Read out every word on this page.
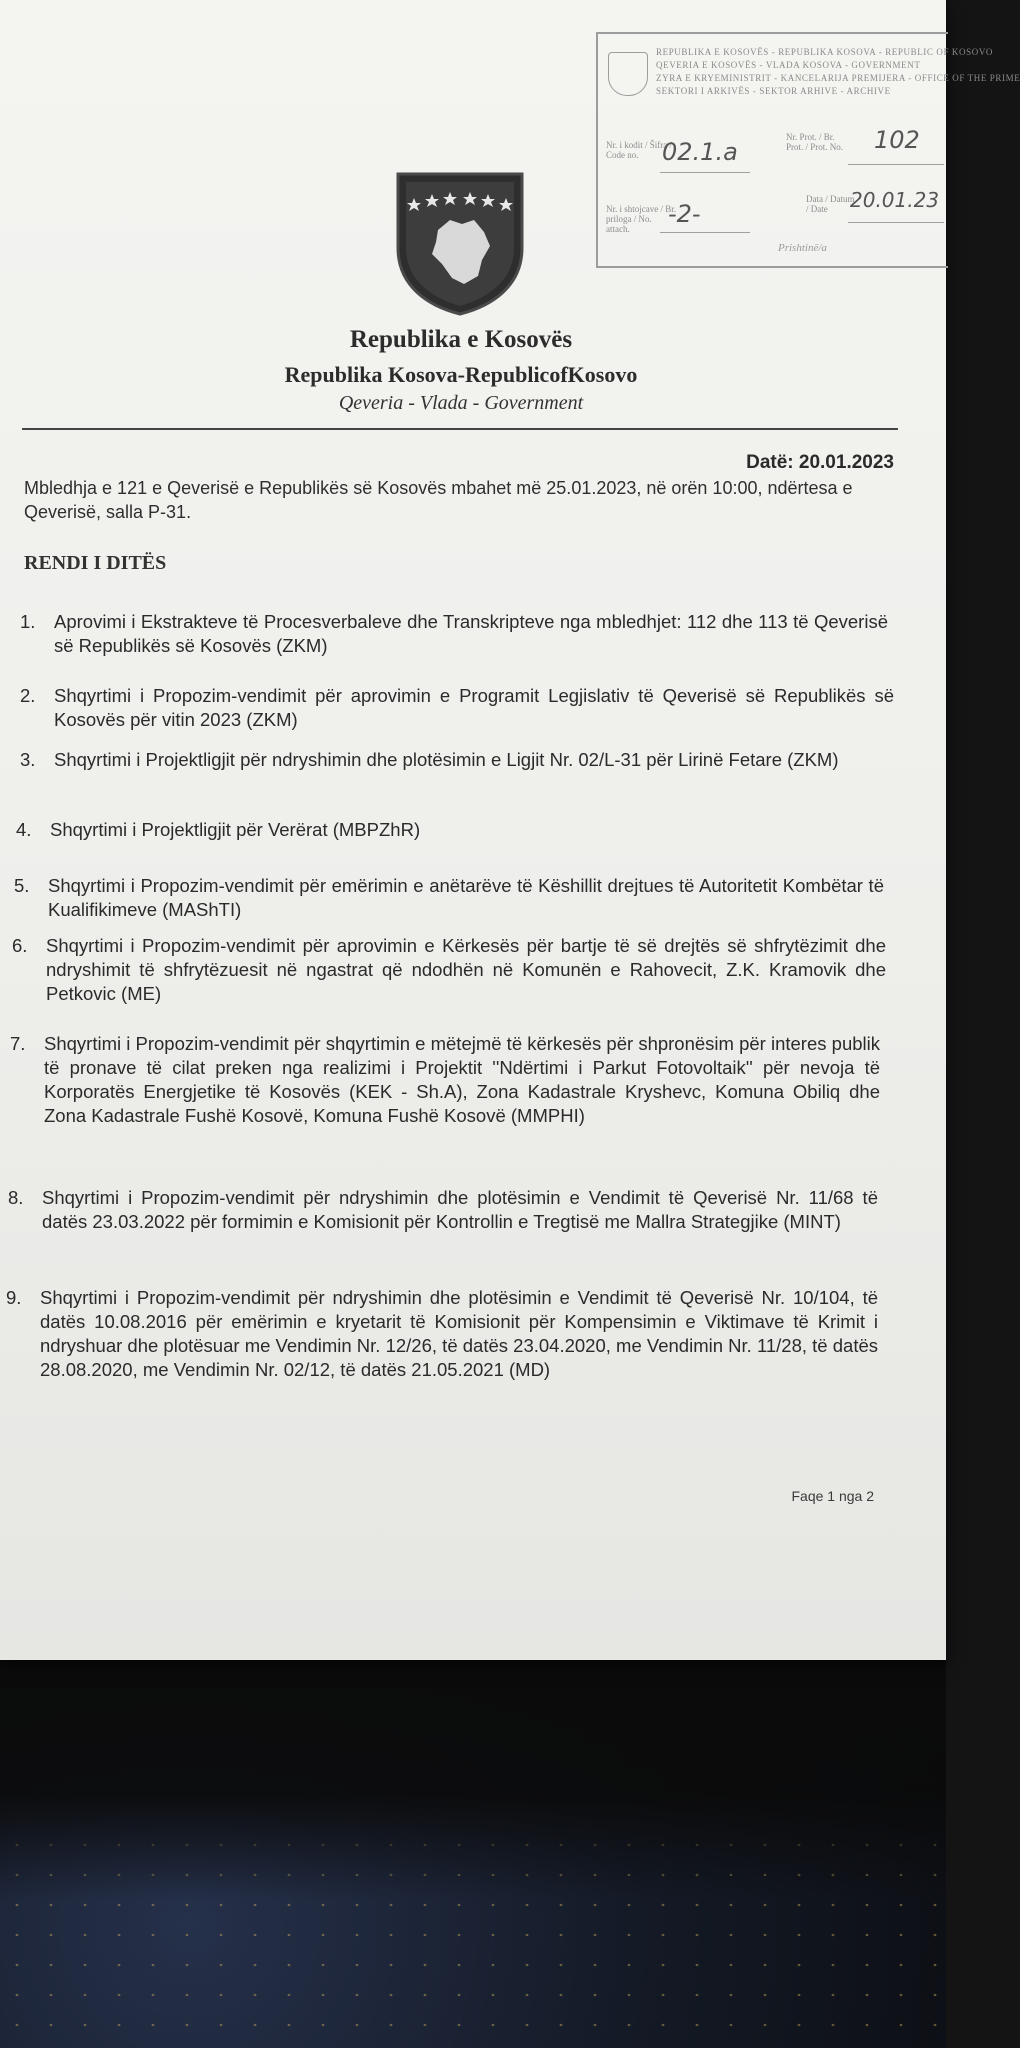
REPUBLIKA E KOSOVËS - REPUBLIKA KOSOVA - REPUBLIC OF KOSOVO
QEVERIA E KOSOVËS - VLADA KOSOVA - GOVERNMENT
ZYRA E KRYEMINISTRIT - KANCELARIJA PREMIJERA - OFFICE OF THE PRIME
SEKTORI I ARKIVËS - SEKTOR ARHIVE - ARCHIVE
Nr. i kodit / Šifra / Code no. 02.1.a
Nr. Prot. / Br. Prot. / Prot. No. 102
Nr. i shtojcave / Br. priloga / No. attach.
-2-
Data / Datum / Date	20.01.23
Prishtinë/a
Republika e Kosovës
Republika Kosova-RepublicofKosovo
Qeveria - Vlada - Government
Datë: 20.01.2023
Mbledhja e 121 e Qeverisë e Republikës së Kosovës mbahet më 25.01.2023, në orën 10:00, ndërtesa e Qeverisë, salla P-31.
RENDI I DITËS
1. Aprovimi i Ekstrakteve të Procesverbaleve dhe Transkripteve nga mbledhjet: 112 dhe 113 të Qeverisë së Republikës së Kosovës (ZKM)
2. Shqyrtimi i Propozim-vendimit për aprovimin e Programit Legjislativ të Qeverisë së Republikës së Kosovës për vitin 2023 (ZKM)
3. Shqyrtimi i Projektligjit për ndryshimin dhe plotësimin e Ligjit Nr. 02/L-31 për Lirinë Fetare (ZKM)
4. Shqyrtimi i Projektligjit për Verërat (MBPZhR)
5. Shqyrtimi i Propozim-vendimit për emërimin e anëtarëve të Këshillit drejtues të Autoritetit Kombëtar të Kualifikimeve (MAShTI)
6. Shqyrtimi i Propozim-vendimit për aprovimin e Kërkesës për bartje të së drejtës së shfrytëzimit dhe ndryshimit të shfrytëzuesit në ngastrat që ndodhën në Komunën e Rahovecit, Z.K. Kramovik dhe Petkovic (ME)
7. Shqyrtimi i Propozim-vendimit për shqyrtimin e mëtejmë të kërkesës për shpronësim për interes publik të pronave të cilat preken nga realizimi i Projektit ''Ndërtimi i Parkut Fotovoltaik'' për nevoja të Korporatës Energjetike të Kosovës (KEK - Sh.A), Zona Kadastrale Kryshevc, Komuna Obiliq dhe Zona Kadastrale Fushë Kosovë, Komuna Fushë Kosovë (MMPHI)
8. Shqyrtimi i Propozim-vendimit për ndryshimin dhe plotësimin e Vendimit të Qeverisë Nr. 11/68 të datës 23.03.2022 për formimin e Komisionit për Kontrollin e Tregtisë me Mallra Strategjike (MINT)
9. Shqyrtimi i Propozim-vendimit për ndryshimin dhe plotësimin e Vendimit të Qeverisë Nr. 10/104, të datës 10.08.2016 për emërimin e kryetarit të Komisionit për Kompensimin e Viktimave të Krimit i ndryshuar dhe plotësuar me Vendimin Nr. 12/26, të datës 23.04.2020, me Vendimin Nr. 11/28, të datës 28.08.2020, me Vendimin Nr. 02/12, të datës 21.05.2021 (MD)
Faqe 1 nga 2
